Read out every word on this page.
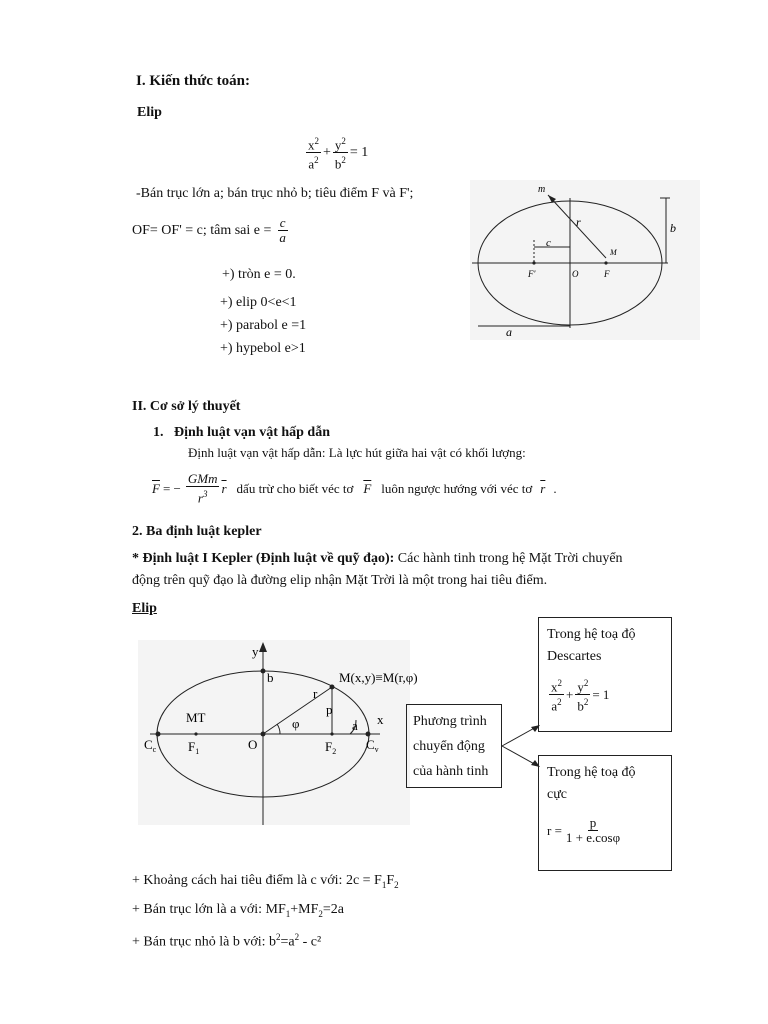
I. Kiến thức toán:
Elip
$\frac{x^2}{a^2} + \frac{y^2}{b^2} = 1$
-Bán trục lớn a; bán trục nhỏ b; tiêu điểm F và F';
OF= OF' = c; tâm sai $e = \frac{c}{a}$
+) tròn e = 0.
+) elip 0<e<1
+) parabol e =1
+) hypebol e>1
m
r
M
b
c
F'	O	F
a
II. Cơ sở lý thuyết
1. Định luật vạn vật hấp dẫn
Định luật vạn vật hấp dẫn: Là lực hút giữa hai vật có khối lượng:
$\overline{F}$ = − $\frac{\text{GMm}}{r^3} \overline{r}$ dấu trừ cho biết véc tơ $\overline{F}$ luôn ngược hướng với véc tơ $\overline{r}$ .
2. Ba định luật kepler
* Định luật I Kepler (Định luật về quỹ đạo): Các hành tinh trong hệ Mặt Trời chuyển
động trên quỹ đạo là đường elip nhận Mặt Trời là một trong hai tiêu điểm.
Elip
y
b	M(x,y)≡M(r,φ)
r
p
φ
MT	x
a
$C_c$ $F_1$	O	$F_2$ $C_v$
Phương trình
chuyển động
của hành tinh
Trong hệ toạ độ
Descartes
$\frac{x^2}{a^2} + \frac{y^2}{b^2} = 1$
Trong hệ toạ độ
cực
$r = \frac{p}{1 + e.\cos\varphi}$
+ Khoảng cách hai tiêu điểm là c với: $2c = F_1F_2$
+ Bán trục lớn là a với: $MF_1+MF_2=2a$
+ Bán trục nhỏ là b với: $b^2=a^2 - c^2$
